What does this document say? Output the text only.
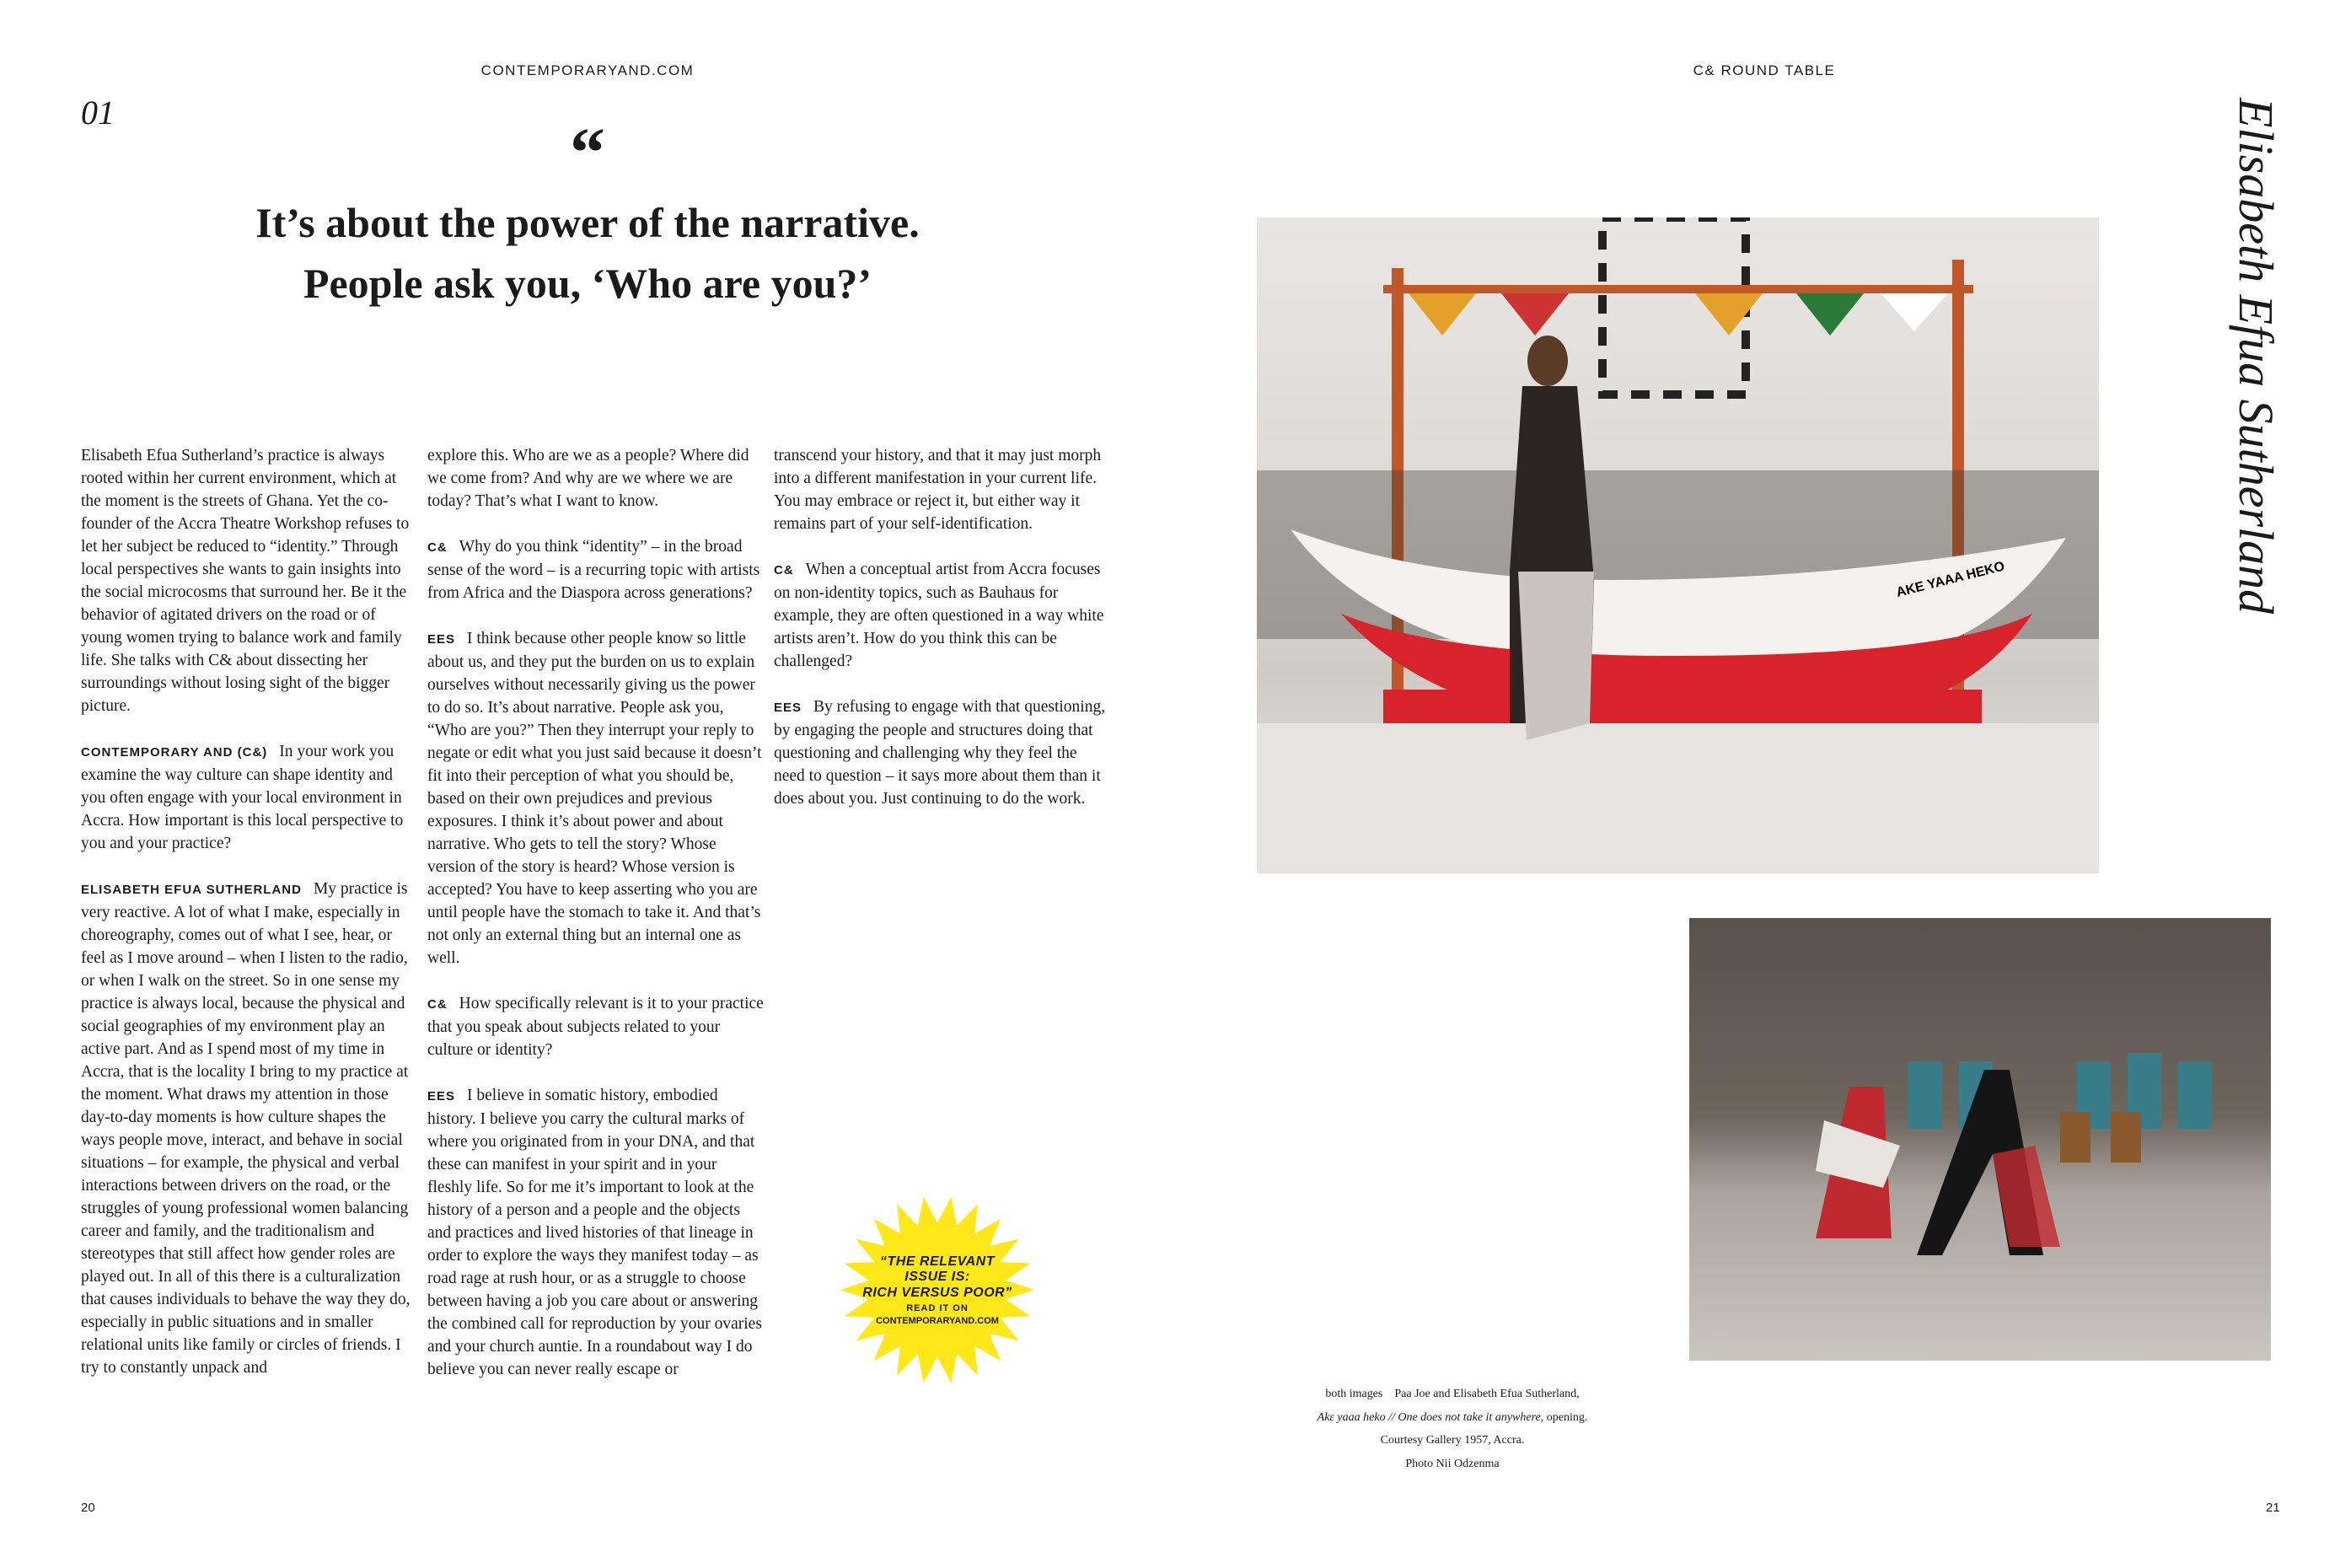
CONTEMPORARYAND.COM	C& ROUND TABLE
01
“
It’s about the power of the narrative.
People ask you, ‘Who are you?’

Elisabeth Efua Sutherland’s practice is always rooted within her current environment, which at the moment is the streets of Ghana. Yet the co-founder of the Accra Theatre Workshop refuses to let her subject be reduced to “identity.” Through local perspectives she wants to gain insights into the social microcosms that surround her. Be it the behavior of agitated drivers on the road or of young women trying to balance work and family life. She talks with C& about dissecting her surroundings without losing sight of the bigger picture.

CONTEMPORARY AND (C&) In your work you examine the way culture can shape identity and you often engage with your local environment in Accra. How important is this local perspective to you and your practice?

ELISABETH EFUA SUTHERLAND My practice is very reactive. A lot of what I make, especially in choreography, comes out of what I see, hear, or feel as I move around – when I listen to the radio, or when I walk on the street. So in one sense my practice is always local, because the physical and social geographies of my environment play an active part. And as I spend most of my time in Accra, that is the locality I bring to my practice at the moment. What draws my attention in those day-to-day moments is how culture shapes the ways people move, interact, and behave in social situations – for example, the physical and verbal interactions between drivers on the road, or the struggles of young professional women balancing career and family, and the traditionalism and stereotypes that still affect how gender roles are played out. In all of this there is a culturalization that causes individuals to behave the way they do, especially in public situations and in smaller relational units like family or circles of friends. I try to constantly unpack and

explore this. Who are we as a people? Where did we come from? And why are we where we are today? That’s what I want to know.

C& Why do you think “identity” – in the broad sense of the word – is a recurring topic with artists from Africa and the Diaspora across generations?

EES I think because other people know so little about us, and they put the burden on us to explain ourselves without necessarily giving us the power to do so. It’s about narrative. People ask you, “Who are you?” Then they interrupt your reply to negate or edit what you just said because it doesn’t fit into their perception of what you should be, based on their own prejudices and previous exposures. I think it’s about power and about narrative. Who gets to tell the story? Whose version of the story is heard? Whose version is accepted? You have to keep asserting who you are until people have the stomach to take it. And that’s not only an external thing but an internal one as well.

C& How specifically relevant is it to your practice that you speak about subjects related to your culture or identity?

EES I believe in somatic history, embodied history. I believe you carry the cultural marks of where you originated from in your DNA, and that these can manifest in your spirit and in your fleshly life. So for me it’s important to look at the history of a person and a people and the objects and practices and lived histories of that lineage in order to explore the ways they manifest today – as road rage at rush hour, or as a struggle to choose between having a job you care about or answering the combined call for reproduction by your ovaries and your church auntie. In a roundabout way I do believe you can never really escape or

transcend your history, and that it may just morph into a different manifestation in your current life. You may embrace or reject it, but either way it remains part of your self-identification.

C& When a conceptual artist from Accra focuses on non-identity topics, such as Bauhaus for example, they are often questioned in a way white artists aren’t. How do you think this can be challenged?

EES By refusing to engage with that questioning, by engaging the people and structures doing that questioning and challenging why they feel the need to question – it says more about them than it does about you. Just continuing to do the work.

“THE RELEVANT
ISSUE IS:
RICH VERSUS POOR”
READ IT ON
CONTEMPORARYAND.COM
AKE YAAA HEKO	Elisabeth Efua Sutherland
both images Paa Joe and Elisabeth Efua Sutherland,
Akɛ yaaa heko // One does not take it anywhere, opening.
Courtesy Gallery 1957, Accra.
Photo Nii Odzenma
20	21
